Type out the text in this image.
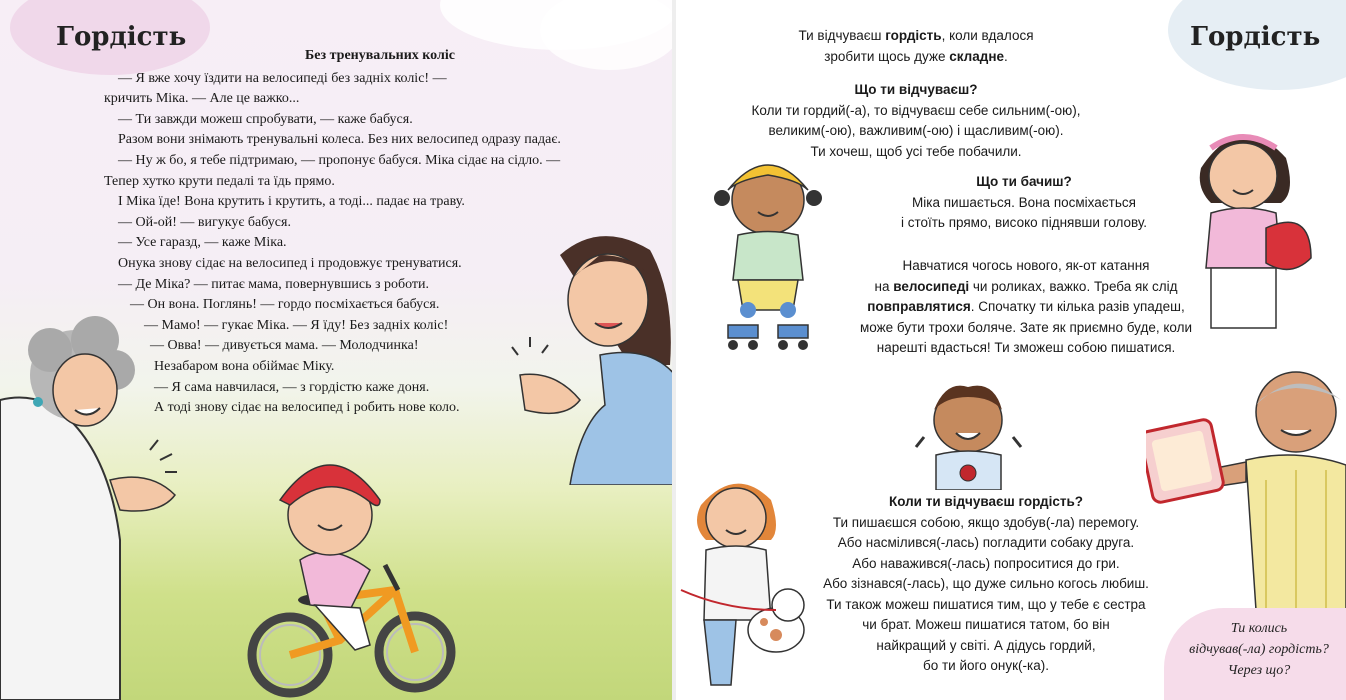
Гордість
Без тренувальних коліс
— Я вже хочу їздити на велосипеді без задніх коліс! —
кричить Міка. — Але це важко...
— Ти завжди можеш спробувати, — каже бабуся.
Разом вони знімають тренувальні колеса. Без них велосипед одразу падає.
— Ну ж бо, я тебе підтримаю, — пропонує бабуся. Міка сідає на сідло. —
Тепер хутко крути педалі та їдь прямо.
І Міка їде! Вона крутить і крутить, а тоді... падає на траву.
— Ой-ой! — вигукує бабуся.
— Усе гаразд, — каже Міка.
Онука знову сідає на велосипед і продовжує тренуватися.
— Де Міка? — питає мама, повернувшись з роботи.
— Он вона. Поглянь! — гордо посміхається бабуся.
— Мамо! — гукає Міка. — Я їду! Без задніх коліс!
— Овва! — дивується мама. — Молодчинка!
Незабаром вона обіймає Міку.
— Я сама навчилася, — з гордістю каже доня.
А тоді знову сідає на велосипед і робить нове коло.
Гордість
Ти відчуваєш гордість, коли вдалося
зробити щось дуже складне.
Що ти відчуваєш?
Коли ти гордий(-а), то відчуваєш себе сильним(-ою),
великим(-ою), важливим(-ою) і щасливим(-ою).
Ти хочеш, щоб усі тебе побачили.
Що ти бачиш?
Міка пишається. Вона посміхається
і стоїть прямо, високо піднявши голову.
Навчатися чогось нового, як-от катання
на велосипеді чи роликах, важко. Треба як слід
повправлятися. Спочатку ти кілька разів упадеш,
може бути трохи боляче. Зате як приємно буде, коли
нарешті вдасться! Ти зможеш собою пишатися.
Коли ти відчуваєш гордість?
Ти пишаєшся собою, якщо здобув(-ла) перемогу.
Або насмілився(-лась) погладити собаку друга.
Або наважився(-лась) попроситися до гри.
Або зізнався(-лась), що дуже сильно когось любиш.
Ти також можеш пишатися тим, що у тебе є сестра
чи брат. Можеш пишатися татом, бо він
найкращий у світі. А дідусь гордий,
бо ти його онук(-ка).
Ти колись
відчував(-ла) гордість?
Через що?
